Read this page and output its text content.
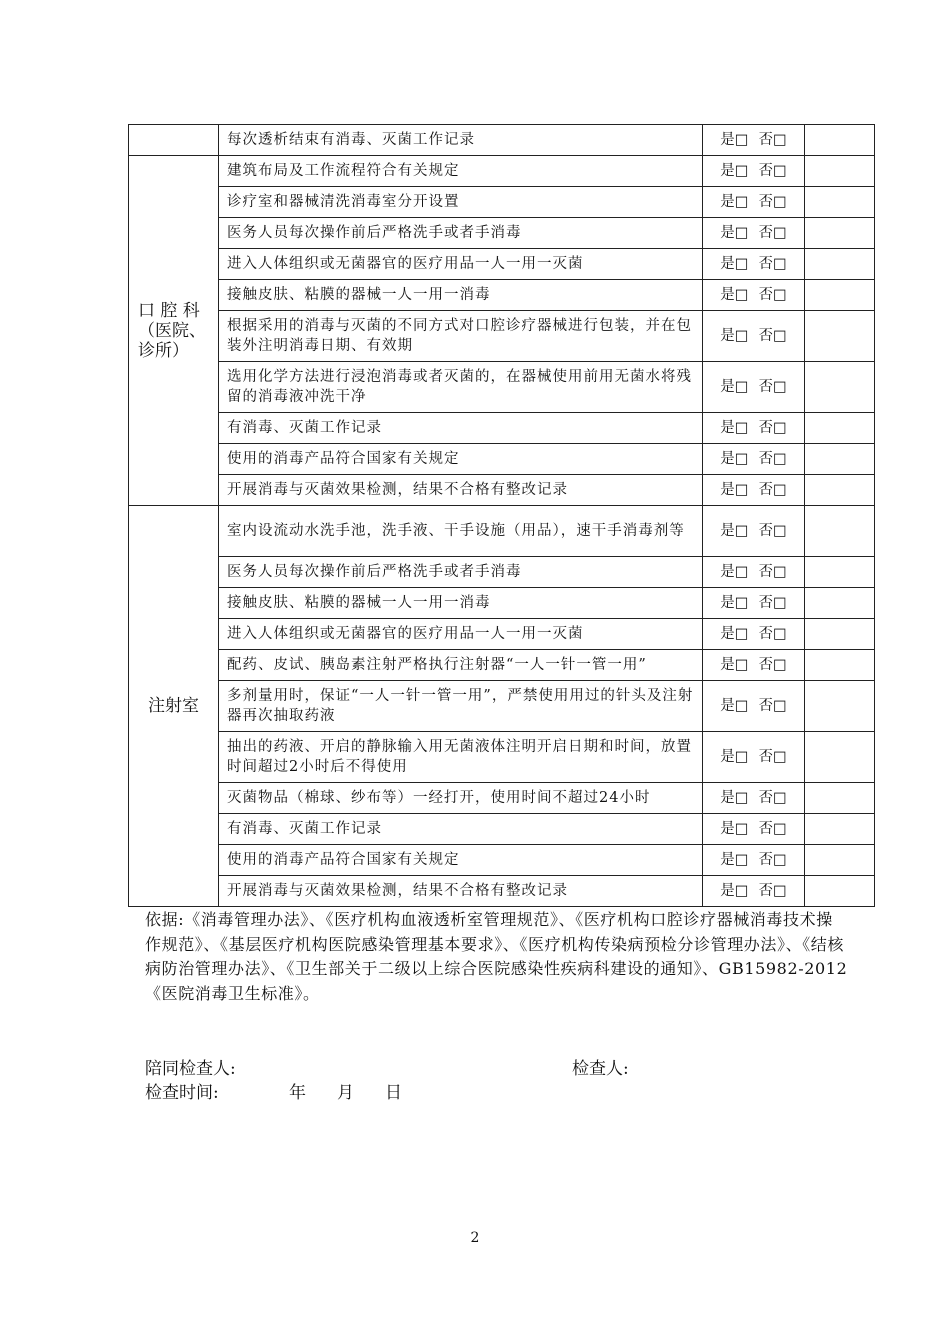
	每次透析结束有消毒、灭菌工作记录	是□ 否□	
口 腔 科（医院、诊所）	建筑布局及工作流程符合有关规定	是□ 否□	
	诊疗室和器械清洗消毒室分开设置	是□ 否□	
	医务人员每次操作前后严格洗手或者手消毒	是□ 否□	
	进入人体组织或无菌器官的医疗用品一人一用一灭菌	是□ 否□	
	接触皮肤、粘膜的器械一人一用一消毒	是□ 否□	
	根据采用的消毒与灭菌的不同方式对口腔诊疗器械进行包装，并在包装外注明消毒日期、有效期	是□ 否□	
	选用化学方法进行浸泡消毒或者灭菌的，在器械使用前用无菌水将残留的消毒液冲洗干净	是□ 否□	
	有消毒、灭菌工作记录	是□ 否□	
	使用的消毒产品符合国家有关规定	是□ 否□	
	开展消毒与灭菌效果检测，结果不合格有整改记录	是□ 否□	
注射室	室内设流动水洗手池，洗手液、干手设施（用品），速干手消毒剂等	是□ 否□	
	医务人员每次操作前后严格洗手或者手消毒	是□ 否□	
	接触皮肤、粘膜的器械一人一用一消毒	是□ 否□	
	进入人体组织或无菌器官的医疗用品一人一用一灭菌	是□ 否□	
	配药、皮试、胰岛素注射严格执行注射器“一人一针一管一用”	是□ 否□	
	多剂量用时，保证“一人一针一管一用”，严禁使用用过的针头及注射器再次抽取药液	是□ 否□	
	抽出的药液、开启的静脉输入用无菌液体注明开启日期和时间，放置时间超过2小时后不得使用	是□ 否□	
	灭菌物品（棉球、纱布等）一经打开，使用时间不超过24小时	是□ 否□	
	有消毒、灭菌工作记录	是□ 否□	
	使用的消毒产品符合国家有关规定	是□ 否□	
	开展消毒与灭菌效果检测，结果不合格有整改记录	是□ 否□	
依据:《消毒管理办法》、《医疗机构血液透析室管理规范》、《医疗机构口腔诊疗器械消毒技术操作规范》、《基层医疗机构医院感染管理基本要求》、《医疗机构传染病预检分诊管理办法》、《结核病防治管理办法》、《卫生部关于二级以上综合医院感染性疾病科建设的通知》、GB15982-2012《医院消毒卫生标准》。
陪同检查人:	检查人:
检查时间:	年 月 日
2
